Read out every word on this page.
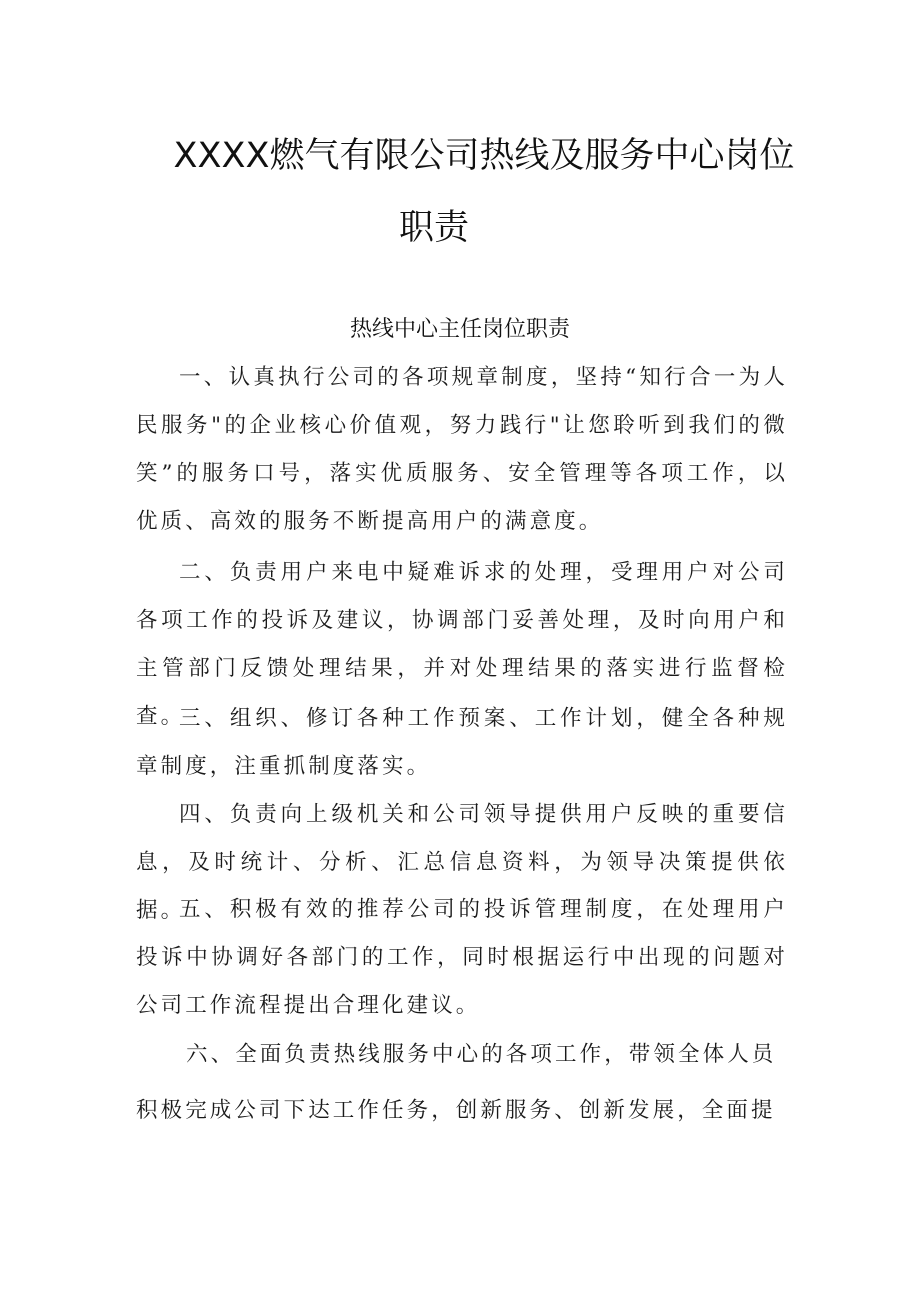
XXXX燃气有限公司热线及服务中心岗位
职责
热线中心主任岗位职责

一、认真执行公司的各项规章制度，坚持“知行合一为人民服务"的企业核心价值观，努力践行"让您聆听到我们的微笑”的服务口号，落实优质服务、安全管理等各项工作，以优质、高效的服务不断提高用户的满意度。

二、负责用户来电中疑难诉求的处理，受理用户对公司各项工作的投诉及建议，协调部门妥善处理，及时向用户和主管部门反馈处理结果，并对处理结果的落实进行监督检查。

三、组织、修订各种工作预案、工作计划，健全各种规章制度，注重抓制度落实。

四、负责向上级机关和公司领导提供用户反映的重要信息，及时统计、分析、汇总信息资料，为领导决策提供依据。

五、积极有效的推荐公司的投诉管理制度，在处理用户投诉中协调好各部门的工作，同时根据运行中出现的问题对公司工作流程提出合理化建议。

六、全面负责热线服务中心的各项工作，带领全体人员
积极完成公司下达工作任务，创新服务、创新发展，全面提
